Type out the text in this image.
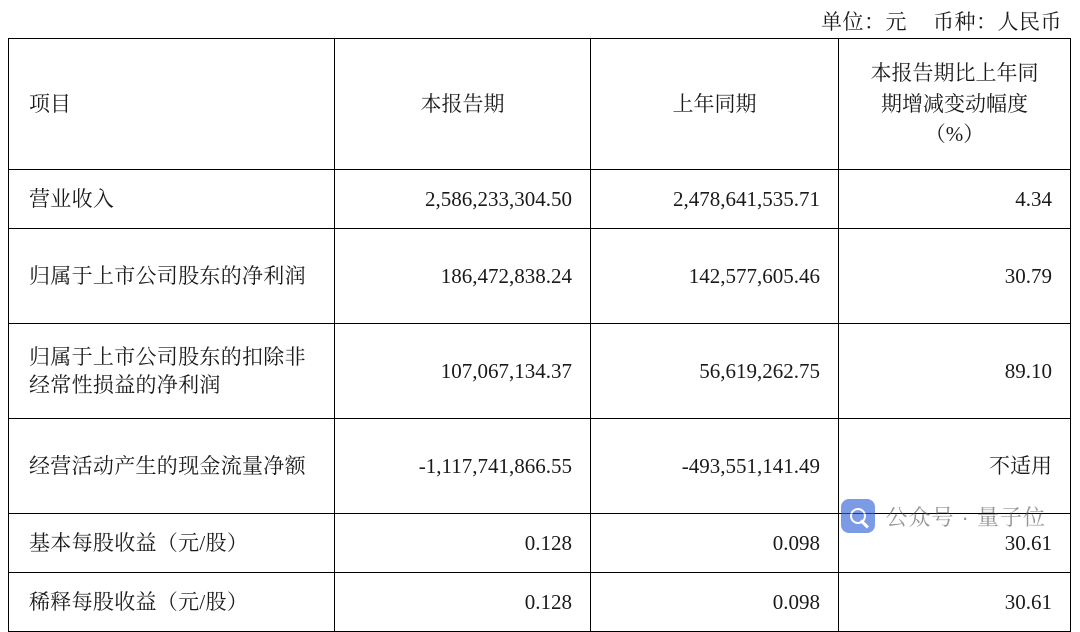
单位：元 币种：人民币
项目	本报告期	上年同期	本报告期比上年同
期增减变动幅度
（%）

营业收入	2,586,233,304.50	2,478,641,535.71	4.34
归属于上市公司股东的净利润	186,472,838.24	142,577,605.46	30.79
归属于上市公司股东的扣除非经常性损益的净利润	107,067,134.37	56,619,262.75	89.10
经营活动产生的现金流量净额	-1,117,741,866.55	-493,551,141.49	不适用
基本每股收益（元/股）	0.128	0.098	30.61
稀释每股收益（元/股）	0.128	0.098	30.61
公众号 · 量子位
